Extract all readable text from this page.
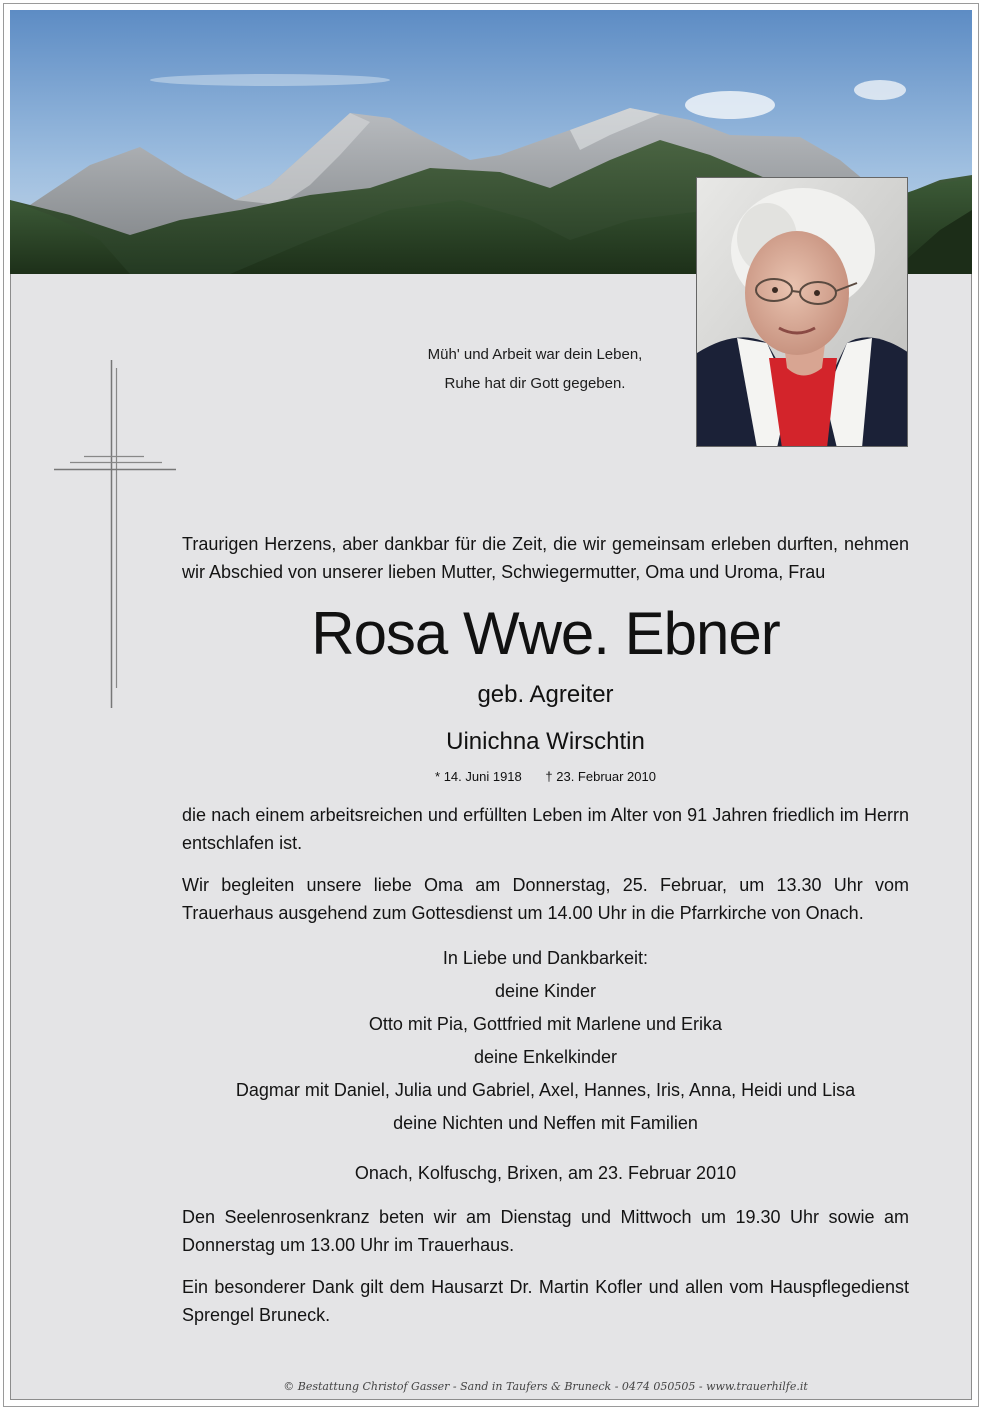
Müh' und Arbeit war dein Leben,
Ruhe hat dir Gott gegeben.
Traurigen Herzens, aber dankbar für die Zeit, die wir gemeinsam erleben durften, nehmen wir Abschied von unserer lieben Mutter, Schwiegermutter, Oma und Uroma, Frau
Rosa Wwe. Ebner
geb. Agreiter
Uinichna Wirschtin
* 14. Juni 1918 † 23. Februar 2010
die nach einem arbeitsreichen und erfüllten Leben im Alter von 91 Jahren friedlich im Herrn entschlafen ist.
Wir begleiten unsere liebe Oma am Donnerstag, 25. Februar, um 13.30 Uhr vom Trauerhaus ausgehend zum Gottesdienst um 14.00 Uhr in die Pfarrkirche von Onach.
In Liebe und Dankbarkeit:
deine Kinder
Otto mit Pia, Gottfried mit Marlene und Erika
deine Enkelkinder
Dagmar mit Daniel, Julia und Gabriel, Axel, Hannes, Iris, Anna, Heidi und Lisa
deine Nichten und Neffen mit Familien
Onach, Kolfuschg, Brixen, am 23. Februar 2010
Den Seelenrosenkranz beten wir am Dienstag und Mittwoch um 19.30 Uhr sowie am Donnerstag um 13.00 Uhr im Trauerhaus.
Ein besonderer Dank gilt dem Hausarzt Dr. Martin Kofler und allen vom Hauspflegedienst Sprengel Bruneck.
© Bestattung Christof Gasser - Sand in Taufers & Bruneck - 0474 050505 - www.trauerhilfe.it
